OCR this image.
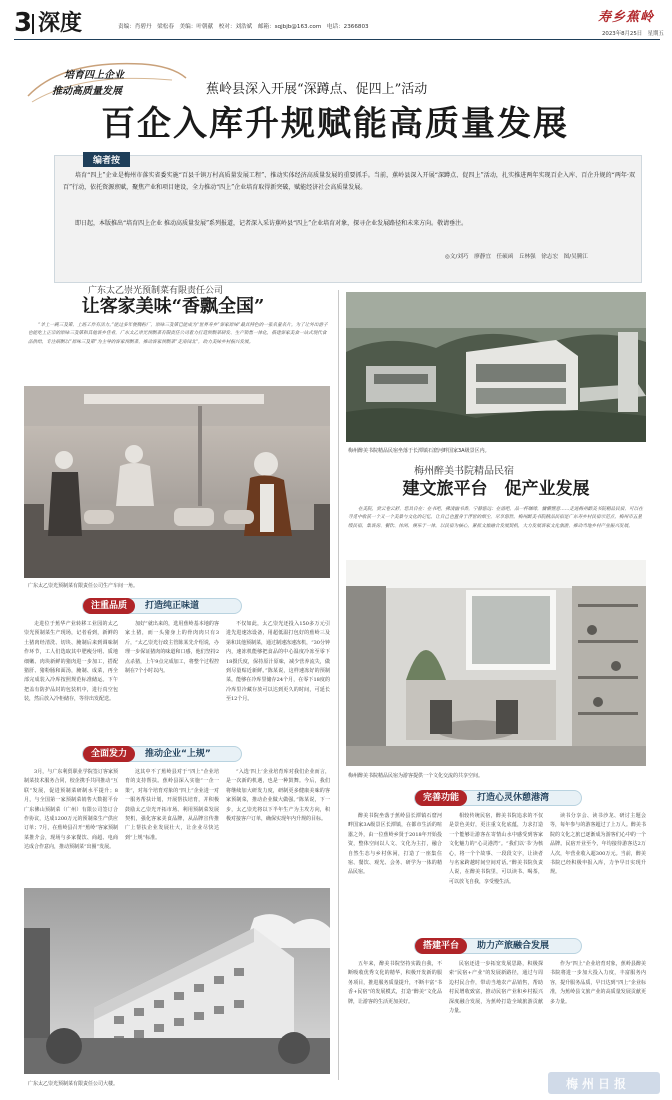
3 深度	责编：肖碧丹　梁松春　美编：叶朝献　校对：刘浩斌　邮箱：sqjbjb@163.com　电话：2366803
寿乡蕉岭
2023年8月25日　星期五
培育四上企业
推动高质量发展	蕉岭县深入开展“深蹲点、促四上”活动
百企入库升规赋能高质量发展
编者按
培育“四上”企业是梅州市落实省委实施“百县千镇万村高质量发展工程”、推动实体经济高质量发展的重要抓手。当前，蕉岭县深入开展“深蹲点、促四上”活动，扎实推进两年实现百企入库、百企升规的“两年·双百”行动，依托资源禀赋，聚焦产业和项目建设，全力推动“四上”企业培育取得新突破，赋能经济社会高质量发展。
即日起，本版推出“培育四上企业 推动高质量发展”系列报道，记者深入采访蕉岭县“四上”企业培育对象，探寻企业发展路径和未来方向。敬请垂注。
◎文/刘巧　廖静宜　任硕函　丘林强　徐志宏　图/吴腾江
广东太乙崇光预制菜有限责任公司
让客家美味“香飘全国”
“羊上一碗三及第，上班工作有活力。”能过多年便腾粉厂，原味三及第已能成为“世界寿乡”客家原味”最具特色的一张名量名片。为了让外出游子也能吃上正宗的原味三及第和其他客乡佳肴，广东太乙崇光预制菜有限责任公司着力打造预制菜研发、生产销售一体化，搭建客家美食一站式现代食品供给，专注研制以“原味三及第”为主导的客家预制菜，推动客家预制菜“走南闯北”，助力美味乡村振兴发展。
广东太乙崇光预制菜有限责任公司生产车间一角。
注重品质	打造纯正味道
走进位于蕉华产业转移工业园的太乙崇光预制菜生产现场，记者看到，新鲜的土猪肉经清洗、切块、腌制后来到调味制作环节，工人们选取其中肥瘦分明、质地细嫩、肉块新鲜的猪肉进一步加工，搭配猪肝、猪粉肠和面汤，腌制、成菜，再全部完成装入冷库按照规范标准储运。下午把盖有防护品封的包装机中，进行真空包装，然后放入冷柜储存，等待出发配送。
加好”就出来的，选用蕉岭基本地的客家土猪，而一头猪身上的骨肉肉只有3斤，“太乙崇光行政主管陈某先介绍说，办理一步保证猪肉的味道和口感，他们坚持2点杀猪，上午9点完成加工，将整个过程控制在7个小时以内。
不仅如此，太乙崇光还投入150多万元引进先进速冻设备，用超低温打包好的蕉岭三及第和其他预制菜，通过制速冻速冻机，“30分钟内，速冻机能够把食品的中心温度冷冻至零下18摄氏度，保持原汁原味，减少营养流失，做到尽量贴近新鲜。”陈某说，这样速冻好的预制菜，能够在冷库里储存24个月，在零下18度的冷库里冷藏存放可以达到更久的时间，可延长至12个月。
全面发力	推动企业“上规”
3月，与广东利贸职业学院签订客家预制菜技术服务合同，校企携手共同推动“互联”发展，促进预制菜研制水平提升；8月，与全国第一家预制菜销售大数据平台广东佛山预制菜（广州）有限公司签订合作协议，达成1200万元的预制菜生产供应订单；7月，在蕉岭县召开“蕉岭”客家预制菜推介会，现场与多家餐饮、商超、电商达成合作意向，推动预制菜“出圈”发展。
这其中不了蕉岭县对于“四上”企业培育的支持帮扶。蕉岭县深入实施“一企一策”，对每个培育对象的“四上”企业进一对一服务帮扶计划，开展帮扶培育，并积极鼓励太乙崇光开拓市场、利用预制菜发展契机，强化客家美食品牌，从品牌宣传推广上帮扶企业发展壮大，让企业尽快达到“上规”标准。
“入选‘四上’企业培育库对我们企业而言，是一次新的机遇，也是一种鼓舞。今后，我们将继续加大研发力度，研制更多健康美味的客家预制菜，推动企业做大做强。”陈某说，下一步，太乙崇光将以下半年生产为主攻方向，积极对接客户订单，确保实现年内升规的目标。
广东太乙崇光预制菜有限责任公司大楼。
梅州醉美书院精品民宿坐落于长潭镇石窟河畔国家3A级景区内。
梅州醉美书院精品民宿
建文旅平台　促产业发展
在美院，赏云卷云舒，您具自在：在书吧，拂清幽书香，宁静悠远：在清吧，品一杯咖啡，慵懒惬意……走进梅州醉美书院精品民宿，可以在寻觅中收获一个又一个美景与文化的记忆，让自己也置身于浮世的烟尘，尽享悠然。梅州醉美书院精品民宿是广东寿乡村民宿示范点，梅州市五星级民宿，集客房、餐饮、休闲、娱乐于一体，以民宿为核心，紧抓文旅融合发展契机，大力发展客家文化旅游，推动当地乡村产业振兴发展。
梅州醉美书院精品民宿为游客提供一个文化交流的共享空间。
完善功能	打造心灵休憩港湾
醉美书院坐落于蕉岭县长潭镇石窟河畔国家3A级景区长潭镇，在都市生活的喧嚣之外，由一位蕉岭乡贤于2018年开始投资，整体空间以人文、文化为主打，融合自然生态与乡村休闲，打造了一座集住宿、餐饮、观光、会务、研学为一体的精品民宿。
相较传统民宿，醉美书院追求的不仅是景色美好，更注重文化底蕴，力求打造一个能够让游客在寄情山水中感受到客家文化魅力的“心灵港湾”。“我们以‘书’为核心，将一个个故事、一段段文字，让读者与名家跨越时间空间对话。”醉美书院负责人说，在醉美书院里，可以读书、喝茶，可以放飞自我，享受慢生活。
读书分享会、读书沙龙、研讨主题会等，每年参与的游客超过了上万人。醉美书院的文化之旅已逐渐成为游客们心中的一个品牌。民宿开业至今，年均接待游客达2万人次，年营业收入超300万元。当前，醉美书院已经积极申报入库，力争早日实现升规。
搭建平台	助力产旅融合发展
五年来，醉美书院坚持实践自我，不断吸收优秀文化的精华，积极开发新的服务项目，推进服务质量提升，不断丰富“书香+民宿”的发展模式，打造“醉美”文化品牌，让游客的生活更加美好。
民宿还进一步拓宽发展思路，积极探索“民宿+产业”的发展新路径，通过与周边村民合作，带动当地农产品销售，帮助村民增收致富，推动民宿产业和乡村振兴深度融合发展，为蕉岭打造全域旅游贡献力量。
作为“四上”企业培育对象，蕉岭县醉美书院将进一步加大投入力度，丰富服务内容，提升服务品质，早日达到“四上”企业标准，为蕉岭县文旅产业的高质量发展贡献更多力量。
梅州日报
